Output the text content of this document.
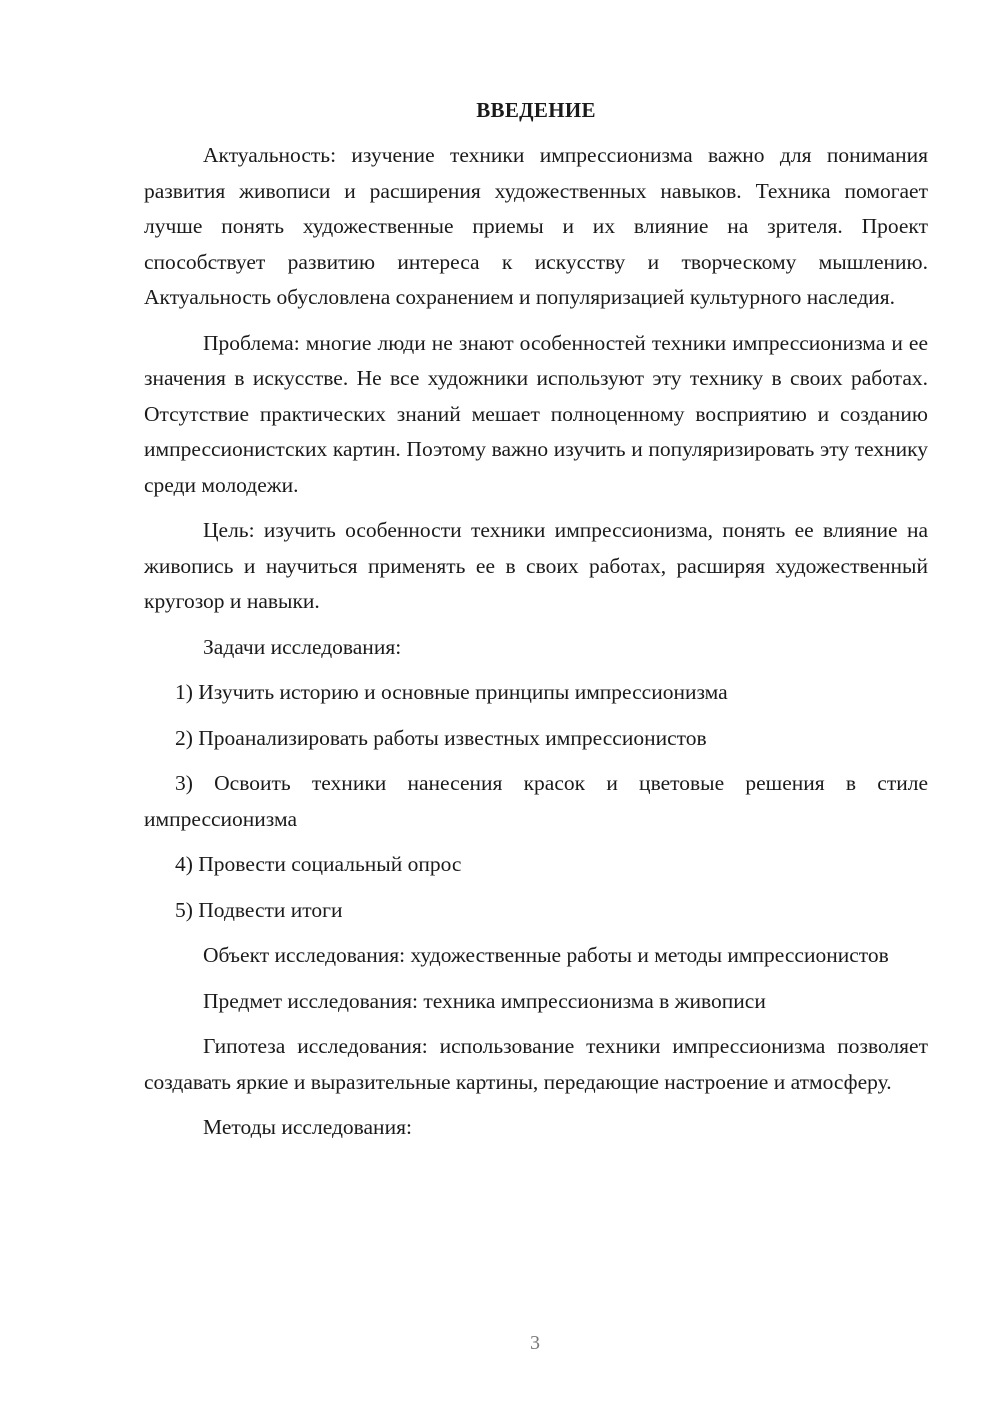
ВВЕДЕНИЕ

Актуальность: изучение техники импрессионизма важно для понимания развития живописи и расширения художественных навыков. Техника помогает лучше понять художественные приемы и их влияние на зрителя. Проект способствует развитию интереса к искусству и творческому мышлению. Актуальность обусловлена сохранением и популяризацией культурного наследия.

Проблема: многие люди не знают особенностей техники импрессионизма и ее значения в искусстве. Не все художники используют эту технику в своих работах. Отсутствие практических знаний мешает полноценному восприятию и созданию импрессионистских картин. Поэтому важно изучить и популяризировать эту технику среди молодежи.

Цель: изучить особенности техники импрессионизма, понять ее влияние на живопись и научиться применять ее в своих работах, расширяя художественный кругозор и навыки.

Задачи исследования:

1) Изучить историю и основные принципы импрессионизма

2) Проанализировать работы известных импрессионистов

3) Освоить техники нанесения красок и цветовые решения в стиле импрессионизма

4) Провести социальный опрос

5) Подвести итоги

Объект исследования: художественные работы и методы импрессионистов

Предмет исследования: техника импрессионизма в живописи

Гипотеза исследования: использование техники импрессионизма позволяет создавать яркие и выразительные картины, передающие настроение и атмосферу.

Методы исследования:

3
